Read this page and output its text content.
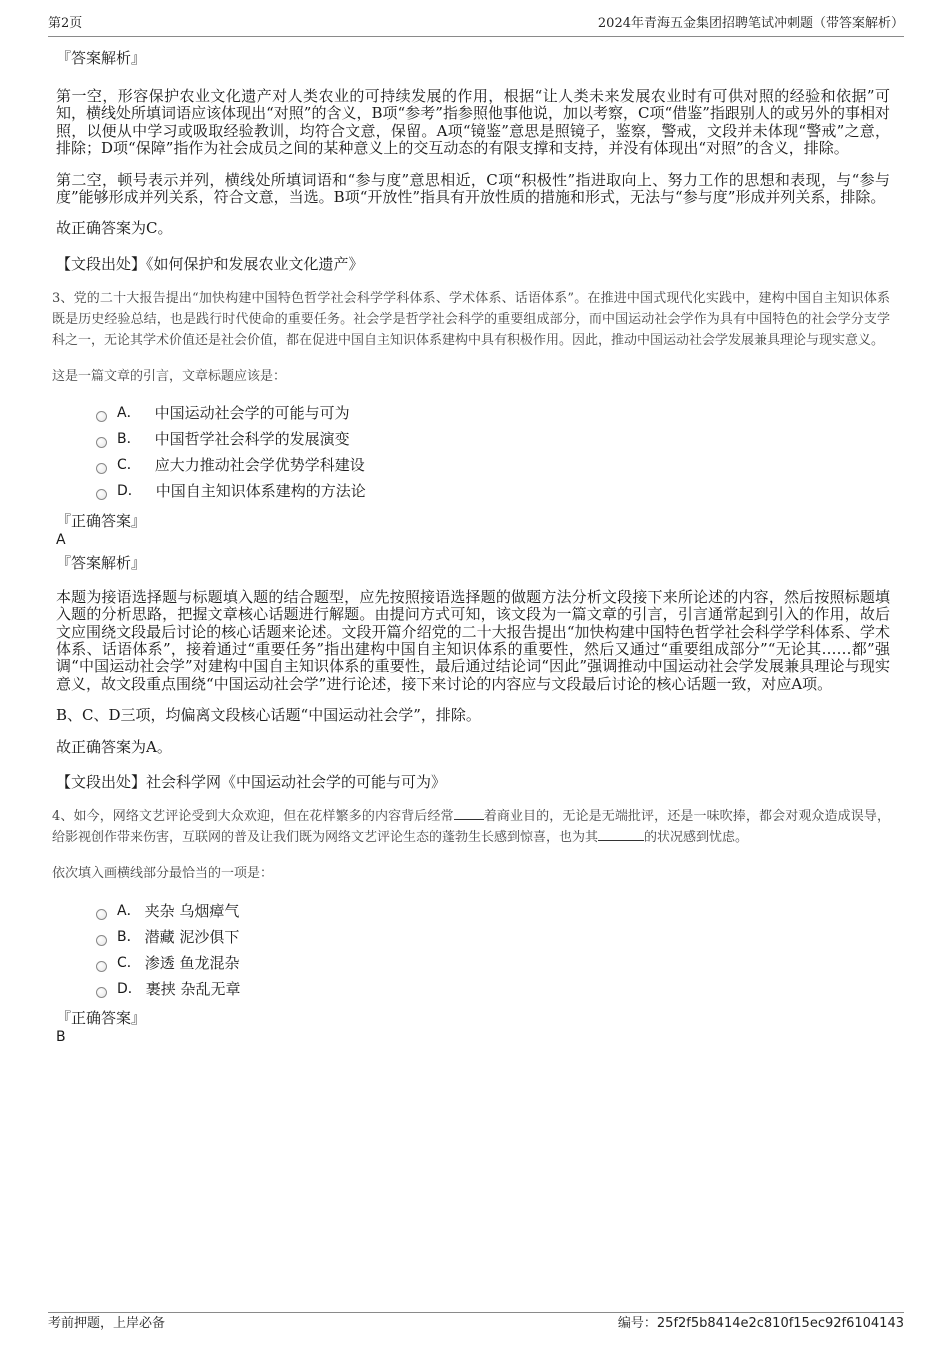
第2页	2024年青海五金集团招聘笔试冲刺题（带答案解析）

『答案解析』

第一空，形容保护农业文化遗产对人类农业的可持续发展的作用，根据“让人类未来发展农业时有可供对照的经验和依据”可知，横线处所填词语应该体现出“对照”的含义，B项“参考”指参照他事他说，加以考察，C项“借鉴”指跟别人的或另外的事相对照，以便从中学习或吸取经验教训，均符合文意，保留。A项“镜鉴”意思是照镜子，鉴察，警戒，文段并未体现“警戒”之意，排除；D项“保障”指作为社会成员之间的某种意义上的交互动态的有限支撑和支持，并没有体现出“对照”的含义，排除。

第二空，顿号表示并列，横线处所填词语和“参与度”意思相近，C项“积极性”指进取向上、努力工作的思想和表现，与“参与度”能够形成并列关系，符合文意，当选。B项“开放性”指具有开放性质的措施和形式，无法与“参与度”形成并列关系，排除。

故正确答案为C。

【文段出处】《如何保护和发展农业文化遗产》

3、党的二十大报告提出“加快构建中国特色哲学社会科学学科体系、学术体系、话语体系”。在推进中国式现代化实践中，建构中国自主知识体系既是历史经验总结，也是践行时代使命的重要任务。社会学是哲学社会科学的重要组成部分，而中国运动社会学作为具有中国特色的社会学分支学科之一，无论其学术价值还是社会价值，都在促进中国自主知识体系建构中具有积极作用。因此，推动中国运动社会学发展兼具理论与现实意义。

这是一篇文章的引言，文章标题应该是：

A． 中国运动社会学的可能与可为
B． 中国哲学社会科学的发展演变
C． 应大力推动社会学优势学科建设
D． 中国自主知识体系建构的方法论

『正确答案』

A

『答案解析』

本题为接语选择题与标题填入题的结合题型，应先按照接语选择题的做题方法分析文段接下来所论述的内容，然后按照标题填入题的分析思路，把握文章核心话题进行解题。由提问方式可知，该文段为一篇文章的引言，引言通常起到引入的作用，故后文应围绕文段最后讨论的核心话题来论述。文段开篇介绍党的二十大报告提出“加快构建中国特色哲学社会科学学科体系、学术体系、话语体系”，接着通过“重要任务”指出建构中国自主知识体系的重要性，然后又通过“重要组成部分”“无论其……都”强调“中国运动社会学”对建构中国自主知识体系的重要性，最后通过结论词“因此”强调推动中国运动社会学发展兼具理论与现实意义，故文段重点围绕“中国运动社会学”进行论述，接下来讨论的内容应与文段最后讨论的核心话题一致，对应A项。

B、C、D三项，均偏离文段核心话题“中国运动社会学”，排除。

故正确答案为A。

【文段出处】社会科学网《中国运动社会学的可能与可为》

4、如今，网络文艺评论受到大众欢迎，但在花样繁多的内容背后经常 着商业目的，无论是无端批评，还是一味吹捧，都会对观众造成误导，给影视创作带来伤害，互联网的普及让我们既为网络文艺评论生态的蓬勃生长感到惊喜，也为其	的状况感到忧虑。

依次填入画横线部分最恰当的一项是：

A． 夹杂 乌烟瘴气
B． 潜藏 泥沙俱下
C． 渗透 鱼龙混杂
D． 裹挟 杂乱无章

『正确答案』

B

考前押题，上岸必备	编号：25f2f5b8414e2c810f15ec92f6104143
